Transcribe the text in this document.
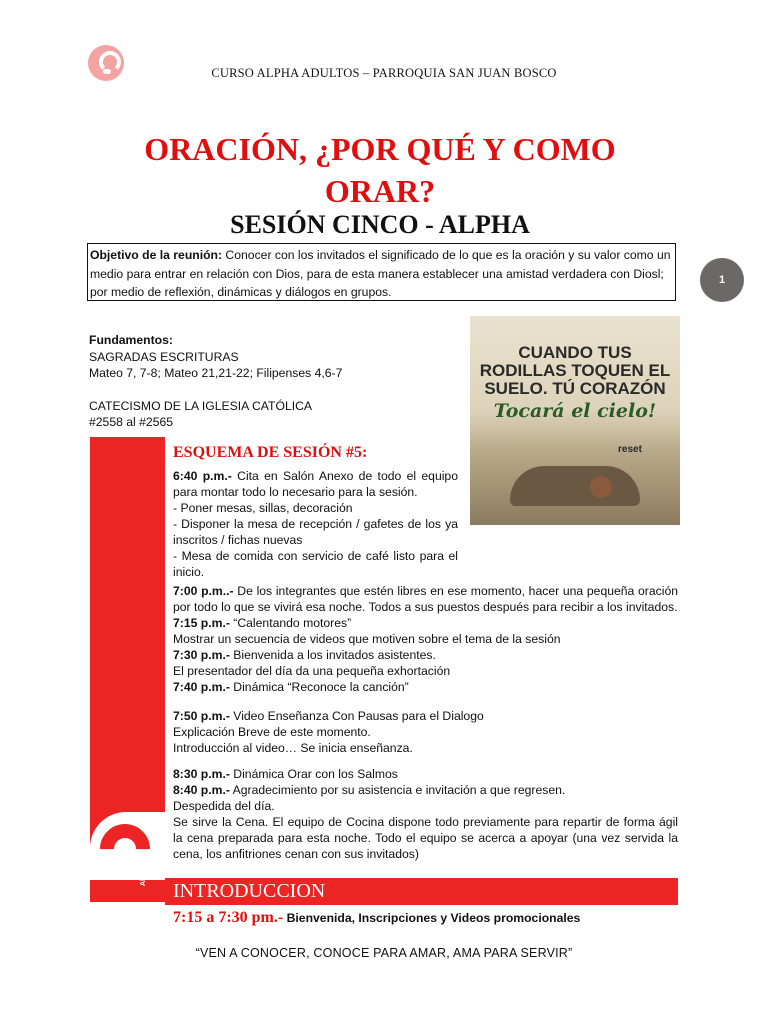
CURSO ALPHA ADULTOS – PARROQUIA SAN JUAN BOSCO
ORACIÓN, ¿POR QUÉ Y COMO
ORAR?
SESIÓN CINCO - ALPHA
Objetivo de la reunión: Conocer con los invitados el significado de lo que es la oración y su valor como un medio para entrar en relación con Dios, para de esta manera establecer una amistad verdadera con Diosl; por medio de reflexión, dinámicas y diálogos en grupos.
1
Fundamentos:
SAGRADAS ESCRITURAS
Mateo 7, 7-8; Mateo 21,21-22; Filipenses 4,6-7
CATECISMO DE LA IGLESIA CATÓLICA
#2558 al #2565
CUANDO TUS
RODILLAS TOQUEN EL
SUELO. TÚ CORAZÓN
Tocará el cielo!
reset
Alpha
ESQUEMA DE SESIÓN #5:

6:40 p.m.- Cita en Salón Anexo de todo el equipo para montar todo lo necesario para la sesión.

- Poner mesas, sillas, decoración

- Disponer la mesa de recepción / gafetes de los ya inscritos / fichas nuevas

- Mesa de comida con servicio de café listo para el inicio.

7:00 p.m..- De los integrantes que estén libres en ese momento, hacer una pequeña oración por todo lo que se vivirá esa noche. Todos a sus puestos después para recibir a los invitados.

7:15 p.m.- “Calentando motores”

Mostrar un secuencia de videos que motiven sobre el tema de la sesión

7:30 p.m.- Bienvenida a los invitados asistentes.

El presentador del día da una pequeña exhortación

7:40 p.m.- Dinámica “Reconoce la canción”

7:50 p.m.- Video Enseñanza Con Pausas para el Dialogo

Explicación Breve de este momento.

Introducción al video… Se inicia enseñanza.

8:30 p.m.- Dinámica Orar con los Salmos

8:40 p.m.- Agradecimiento por su asistencia e invitación a que regresen.

Despedida del día.

Se sirve la Cena. El equipo de Cocina dispone todo previamente para repartir de forma ágil la cena preparada para esta noche. Todo el equipo se acerca a apoyar (una vez servida la cena, los anfitriones cenan con sus invitados)

INTRODUCCION
7:15 a 7:30 pm.- Bienvenida, Inscripciones y Videos promocionales
“VEN A CONOCER, CONOCE PARA AMAR, AMA PARA SERVIR”
